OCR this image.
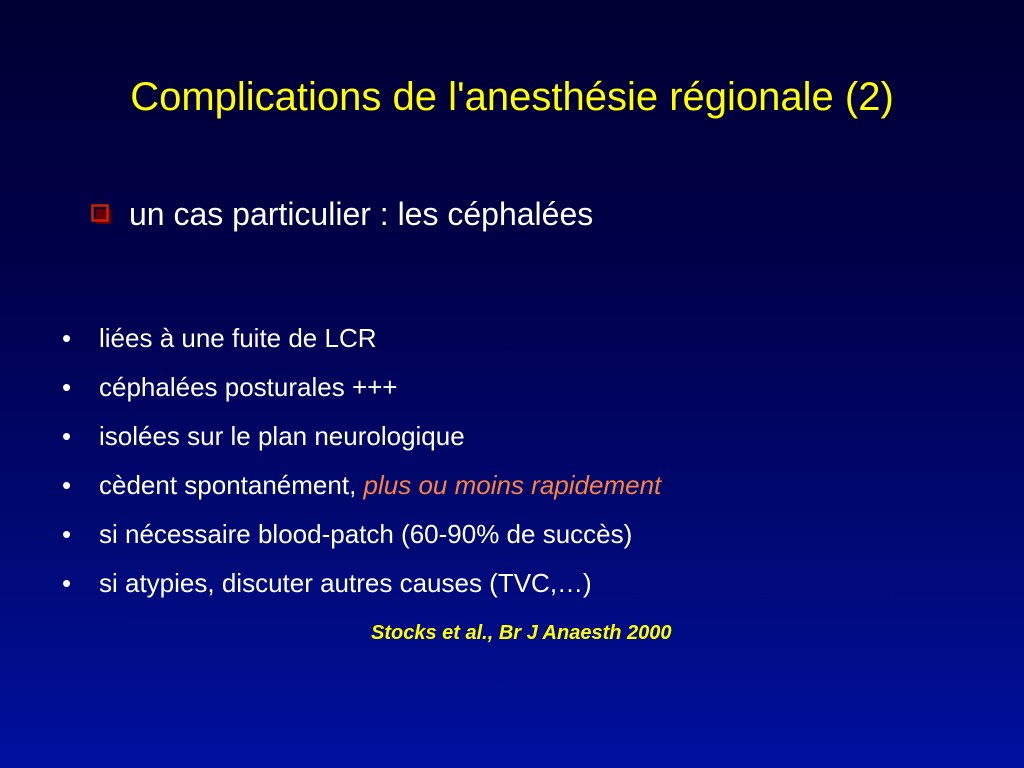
Complications de l'anesthésie régionale (2)
un cas particulier : les céphalées
•	liées à une fuite de LCR
•	céphalées posturales +++
•	isolées sur le plan neurologique
•	cèdent spontanément, plus ou moins rapidement
•	si nécessaire blood-patch (60-90% de succès)
•	si atypies, discuter autres causes (TVC,…)
Stocks et al., Br J Anaesth 2000
